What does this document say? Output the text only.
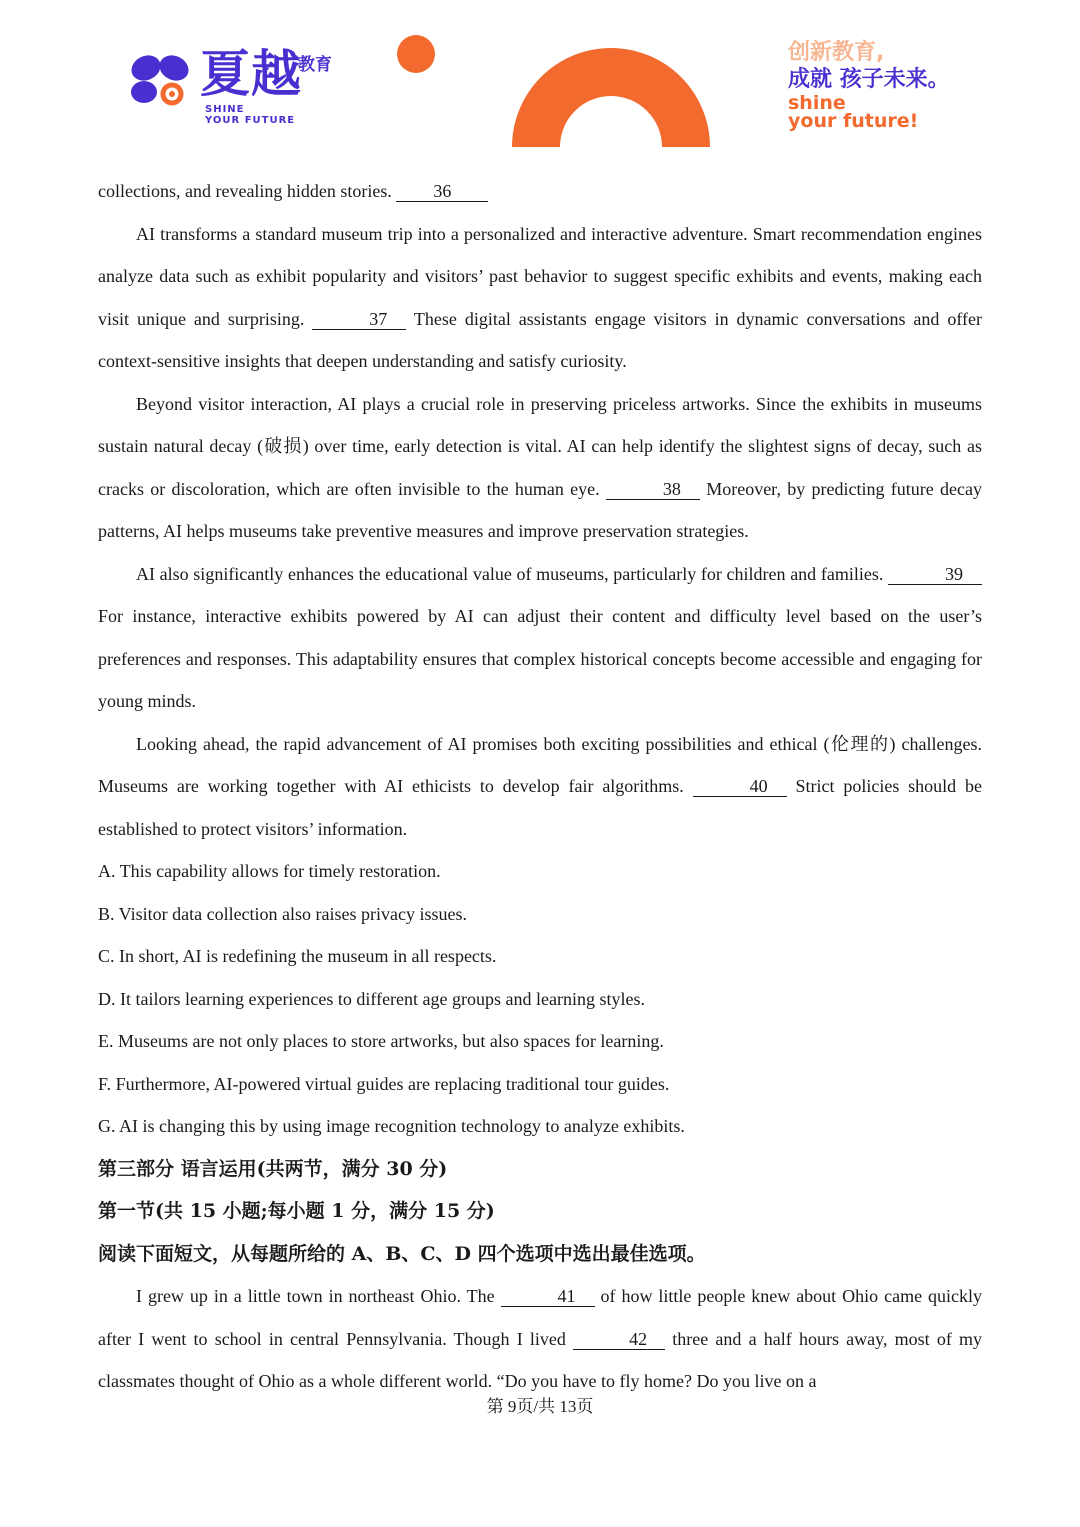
夏越
教育
SHINE
YOUR FUTURE
创新教育,
成就 孩子未来。
shine
your future!

collections, and revealing hidden stories. 36

AI transforms a standard museum trip into a personalized and interactive adventure. Smart recommendation engines analyze data such as exhibit popularity and visitors’ past behavior to suggest specific exhibits and events, making each visit unique and surprising.	37 These digital assistants engage visitors in dynamic conversations and offer context-sensitive insights that deepen understanding and satisfy curiosity.

Beyond visitor interaction, AI plays a crucial role in preserving priceless artworks. Since the exhibits in museums sustain natural decay (破损) over time, early detection is vital. AI can help identify the slightest signs of decay, such as cracks or discoloration, which are often invisible to the human eye.	38 Moreover, by predicting future decay patterns, AI helps museums take preventive measures and improve preservation strategies.

AI also significantly enhances the educational value of museums, particularly for children and families.	39 For instance, interactive exhibits powered by AI can adjust their content and difficulty level based on the user’s preferences and responses. This adaptability ensures that complex historical concepts become accessible and engaging for young minds.

Looking ahead, the rapid advancement of AI promises both exciting possibilities and ethical (伦理的) challenges. Museums are working together with AI ethicists to develop fair algorithms.	40 Strict policies should be established to protect visitors’ information.

A. This capability allows for timely restoration.

B. Visitor data collection also raises privacy issues.

C. In short, AI is redefining the museum in all respects.

D. It tailors learning experiences to different age groups and learning styles.

E. Museums are not only places to store artworks, but also spaces for learning.

F. Furthermore, AI-powered virtual guides are replacing traditional tour guides.

G. AI is changing this by using image recognition technology to analyze exhibits.

第三部分 语言运用(共两节，满分 30 分)

第一节(共 15 小题;每小题 1 分，满分 15 分)

阅读下面短文，从每题所给的 A、B、C、D 四个选项中选出最佳选项。

I grew up in a little town in northeast Ohio. The	41 of how little people knew about Ohio came quickly after I went to school in central Pennsylvania. Though I lived	42 three and a half hours away, most of my classmates thought of Ohio as a whole different world. “Do you have to fly home? Do you live on a

第 9页/共 13页
